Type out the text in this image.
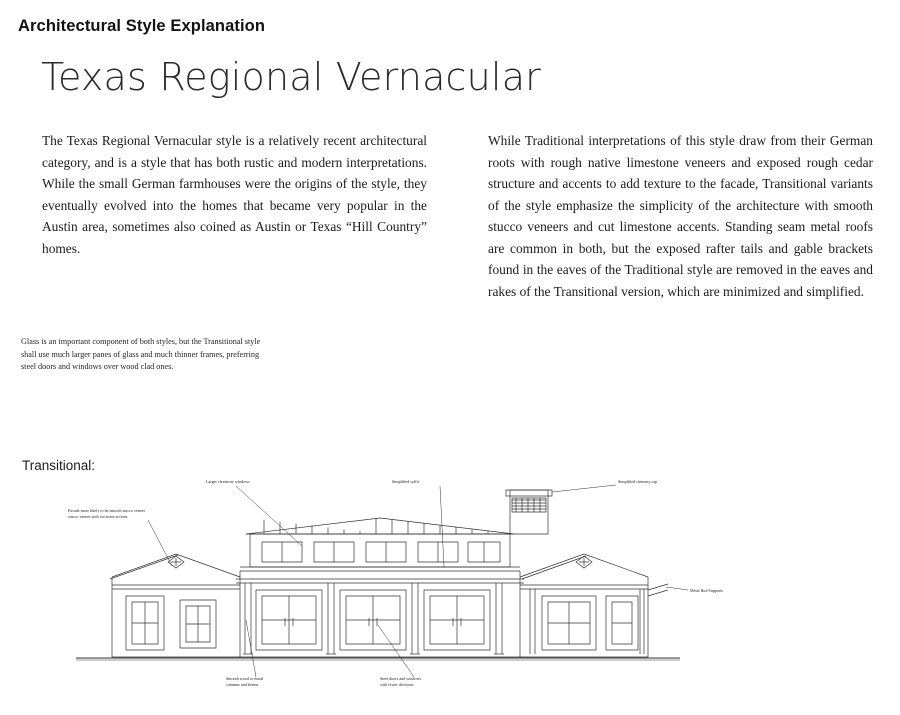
Architectural Style Explanation
Texas Regional Vernacular

The Texas Regional Vernacular style is a relatively recent architectural category, and is a style that has both rustic and modern interpretations. While the small German farmhouses were the origins of the style, they eventually evolved into the homes that became very popular in the Austin area, sometimes also coined as Austin or Texas “Hill Country” homes.

While Traditional interpretations of this style draw from their German roots with rough native limestone veneers and exposed rough cedar structure and accents to add texture to the facade, Transitional variants of the style emphasize the simplicity of the architecture with smooth stucco veneers and cut limestone accents. Standing seam metal roofs are common in both, but the exposed rafter tails and gable brackets found in the eaves of the Traditional style are removed in the eaves and rakes of the Transitional version, which are minimized and simplified.

Glass is an important component of both styles, but the Transitional style shall use much larger panes of glass and much thinner frames, preferring steel doors and windows over wood clad ones.
Transitional:
Larger clerestory windows	Simplified soffit	Simplified chimney cap
Facade more likely to be smooth stucco veneer
stucco veneer with cut stone accents
Metal Rod Supports
Smooth wood or metal
columns and beams
Steel doors and windows
with fewer divisions
